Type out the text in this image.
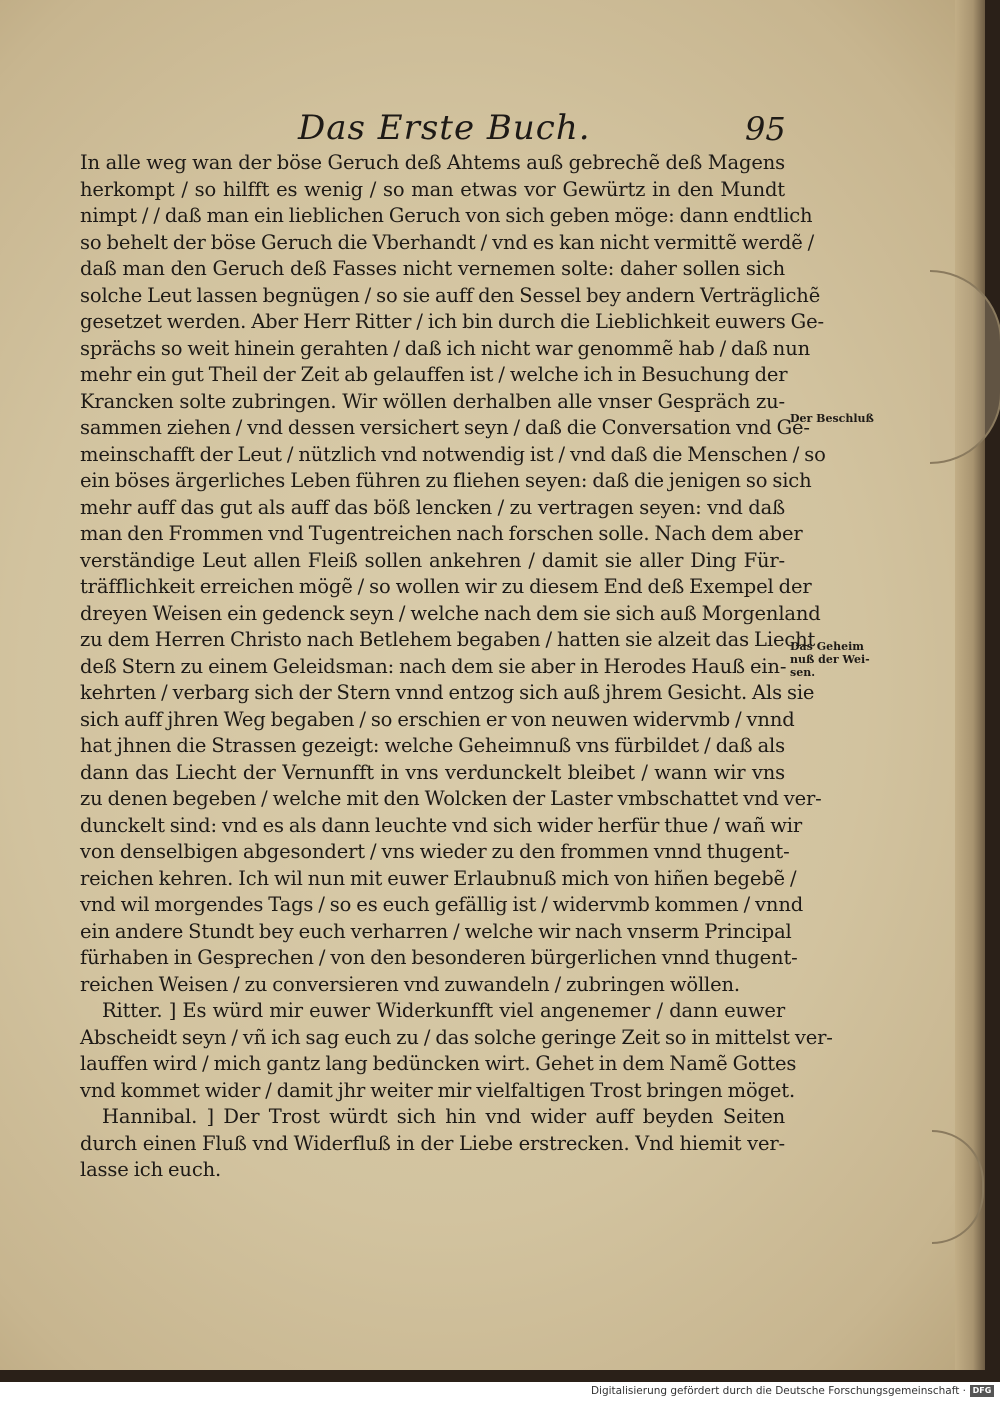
Das Erste Buch.	95
In alle weg wan der böse Geruch deß Ahtems auß gebrechẽ deß Magens
herkompt / so hilfft es wenig / so man etwas vor Gewürtz in den Mundt
nimpt / / daß man ein lieblichen Geruch von sich geben möge: dann endtlich
so behelt der böse Geruch die Vberhandt / vnd es kan nicht vermittẽ werdẽ /
daß man den Geruch deß Fasses nicht vernemen solte: daher sollen sich
solche Leut lassen begnügen / so sie auff den Sessel bey andern Verträglichẽ
gesetzet werden. Aber Herr Ritter / ich bin durch die Lieblichkeit euwers Ge-
sprächs so weit hinein gerahten / daß ich nicht war genommẽ hab / daß nun
mehr ein gut Theil der Zeit ab gelauffen ist / welche ich in Besuchung der
Krancken solte zubringen. Wir wöllen derhalben alle vnser Gespräch zu-
sammen ziehen / vnd dessen versichert seyn / daß die Conversation vnd Ge-
meinschafft der Leut / nützlich vnd notwendig ist / vnd daß die Menschen / so
ein böses ärgerliches Leben führen zu fliehen seyen: daß die jenigen so sich
mehr auff das gut als auff das böß lencken / zu vertragen seyen: vnd daß
man den Frommen vnd Tugentreichen nach forschen solle. Nach dem aber
verständige Leut allen Fleiß sollen ankehren / damit sie aller Ding Für-
träfflichkeit erreichen mögẽ / so wollen wir zu diesem End deß Exempel der
dreyen Weisen ein gedenck seyn / welche nach dem sie sich auß Morgenland
zu dem Herren Christo nach Betlehem begaben / hatten sie alzeit das Liecht
deß Stern zu einem Geleidsman: nach dem sie aber in Herodes Hauß ein-
kehrten / verbarg sich der Stern vnnd entzog sich auß jhrem Gesicht. Als sie
sich auff jhren Weg begaben / so erschien er von neuwen widervmb / vnnd
hat jhnen die Strassen gezeigt: welche Geheimnuß vns fürbildet / daß als
dann das Liecht der Vernunfft in vns verdunckelt bleibet / wann wir vns
zu denen begeben / welche mit den Wolcken der Laster vmbschattet vnd ver-
dunckelt sind: vnd es als dann leuchte vnd sich wider herfür thue / wañ wir
von denselbigen abgesondert / vns wieder zu den frommen vnnd thugent-
reichen kehren. Ich wil nun mit euwer Erlaubnuß mich von hiñen begebẽ /
vnd wil morgendes Tags / so es euch gefällig ist / widervmb kommen / vnnd
ein andere Stundt bey euch verharren / welche wir nach vnserm Principal
fürhaben in Gesprechen / von den besonderen bürgerlichen vnnd thugent-
reichen Weisen / zu conversieren vnd zuwandeln / zubringen wöllen.
Ritter. ] Es würd mir euwer Widerkunfft viel angenemer / dann euwer
Abscheidt seyn / vñ ich sag euch zu / das solche geringe Zeit so in mittelst ver-
lauffen wird / mich gantz lang bedüncken wirt. Gehet in dem Namẽ Gottes
vnd kommet wider / damit jhr weiter mir vielfaltigen Trost bringen möget.
Hannibal. ] Der Trost würdt sich hin vnd wider auff beyden Seiten
durch einen Fluß vnd Widerfluß in der Liebe erstrecken. Vnd hiemit ver-
lasse ich euch.
Der Beschluß
Das Geheim
nuß der Wei-
sen.
Digitalisierung gefördert durch die Deutsche Forschungsgemeinschaft · DFG
